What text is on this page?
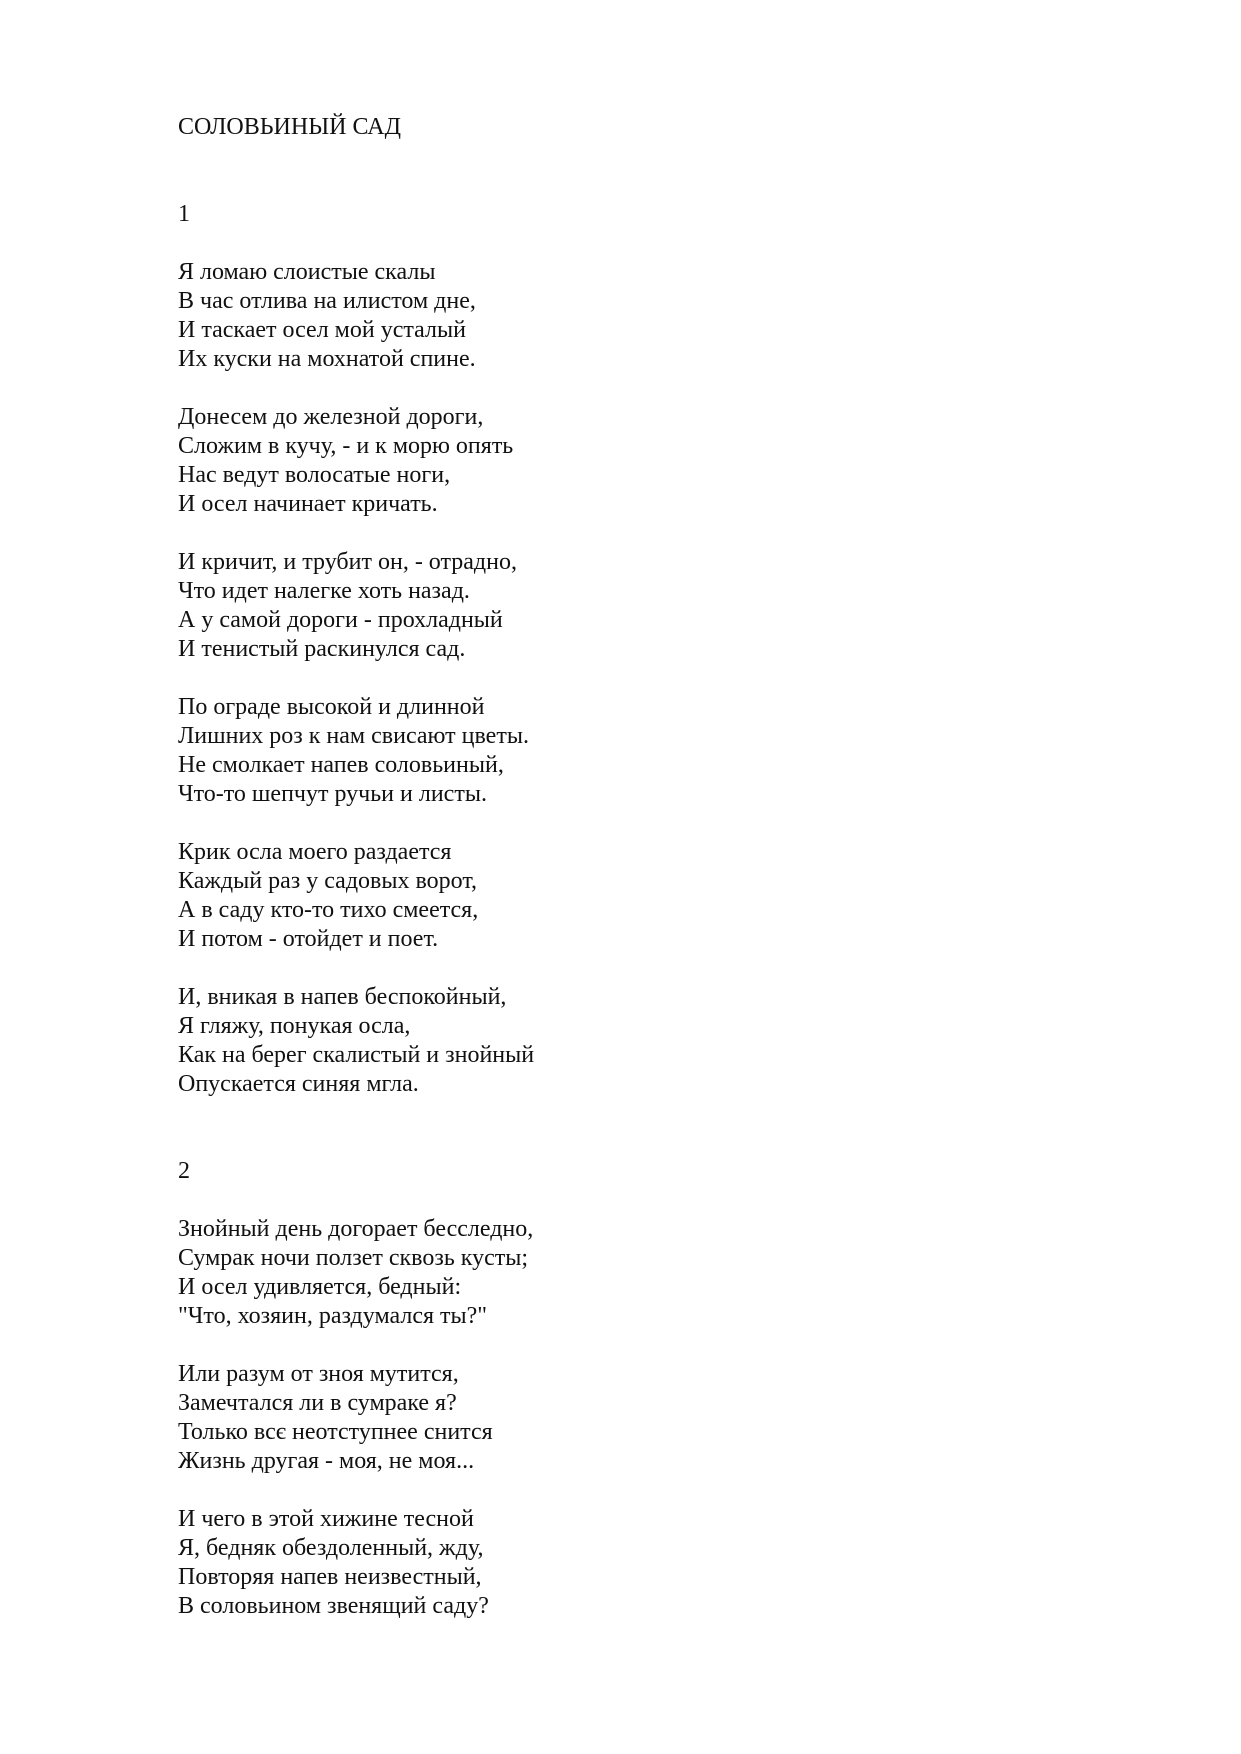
СОЛОВЬИНЫЙ САД
1
Я ломаю слоистые скалы
В час отлива на илистом дне,
И таскает осел мой усталый
Их куски на мохнатой спине.
Донесем до железной дороги,
Сложим в кучу, - и к морю опять
Нас ведут волосатые ноги,
И осел начинает кричать.
И кричит, и трубит он, - отрадно,
Что идет налегке хоть назад.
А у самой дороги - прохладный
И тенистый раскинулся сад.
По ограде высокой и длинной
Лишних роз к нам свисают цветы.
Не смолкает напев соловьиный,
Что-то шепчут ручьи и листы.
Крик осла моего раздается
Каждый раз у садовых ворот,
А в саду кто-то тихо смеется,
И потом - отойдет и поет.
И, вникая в напев беспокойный,
Я гляжу, понукая осла,
Как на берег скалистый и знойный
Опускается синяя мгла.
2
Знойный день догорает бесследно,
Сумрак ночи ползет сквозь кусты;
И осел удивляется, бедный:
"Что, хозяин, раздумался ты?"
Или разум от зноя мутится,
Замечтался ли в сумраке я?
Только всє неотступнее снится
Жизнь другая - моя, не моя...
И чего в этой хижине тесной
Я, бедняк обездоленный, жду,
Повторяя напев неизвестный,
В соловьином звенящий саду?
